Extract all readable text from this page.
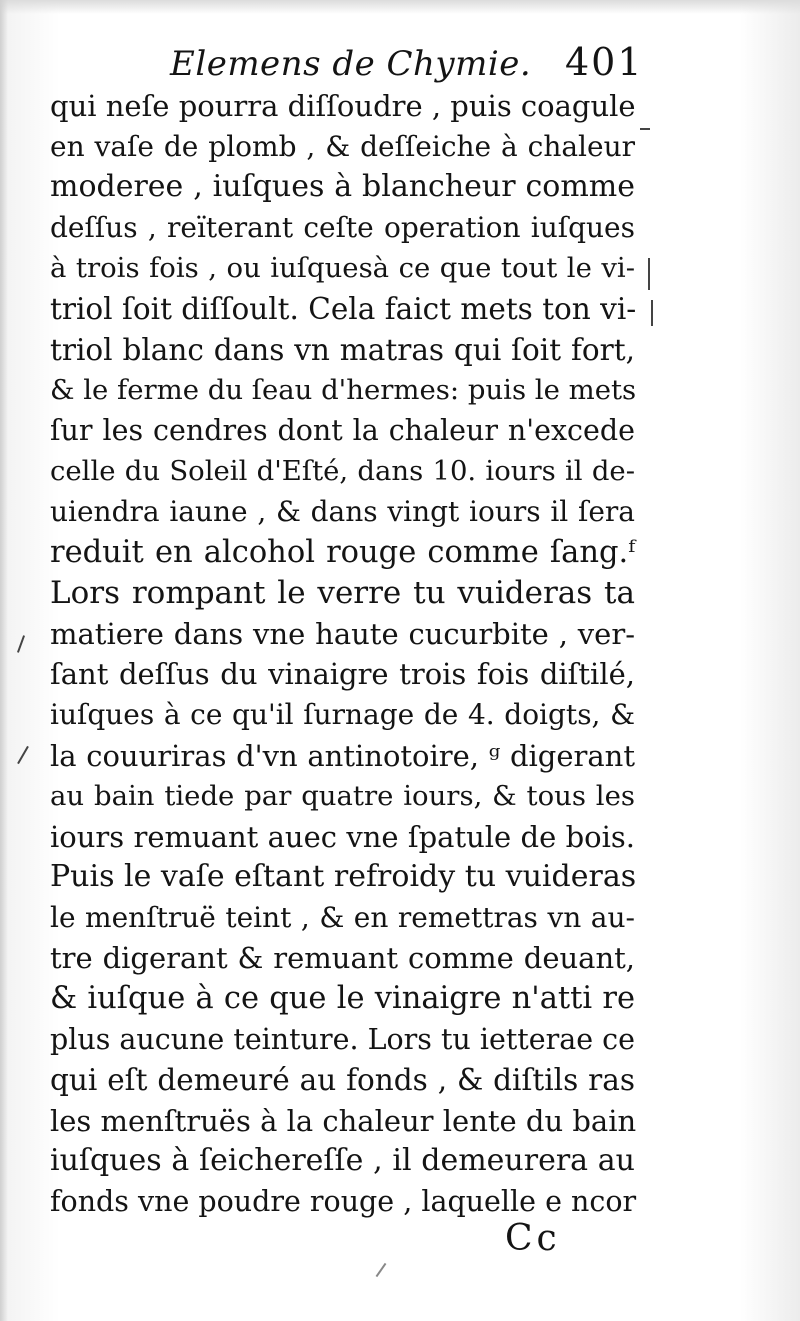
Elemens de Chymie. 401
qui neſe pourra diſſoudre , puis coagule
en vaſe de plomb , & deſſeiche à chaleur
moderee , iuſques à blancheur comme
deſſus , reïterant ceſte operation iuſques
à trois fois , ou iuſquesà ce que tout le vi-
triol ſoit diſſoult. Cela faict mets ton vi-
triol blanc dans vn matras qui ſoit fort,
& le ferme du ſeau d'hermes: puis le mets
ſur les cendres dont la chaleur n'excede
celle du Soleil d'Eſté, dans 10. iours il de-
uiendra iaune , & dans vingt iours il ſera
reduit en alcohol rouge comme ſang.ᶠ
Lors rompant le verre tu vuideras ta
matiere dans vne haute cucurbite , ver-
ſant deſſus du vinaigre trois fois diſtilé,
iuſques à ce qu'il ſurnage de 4. doigts, &
la couuriras d'vn antinotoire, ᵍ digerant
au bain tiede par quatre iours, & tous les
iours remuant auec vne ſpatule de bois.
Puis le vaſe eſtant refroidy tu vuideras
le menſtruë teint , & en remettras vn au-
tre digerant & remuant comme deuant,
& iuſque à ce que le vinaigre n'atti re
plus aucune teinture. Lors tu ietterae ce
qui eſt demeuré au fonds , & diſtils ras
les menſtruës à la chaleur lente du bain
iuſques à ſeichereſſe , il demeurera au
fonds vne poudre rouge , laquelle e ncor
Cc
